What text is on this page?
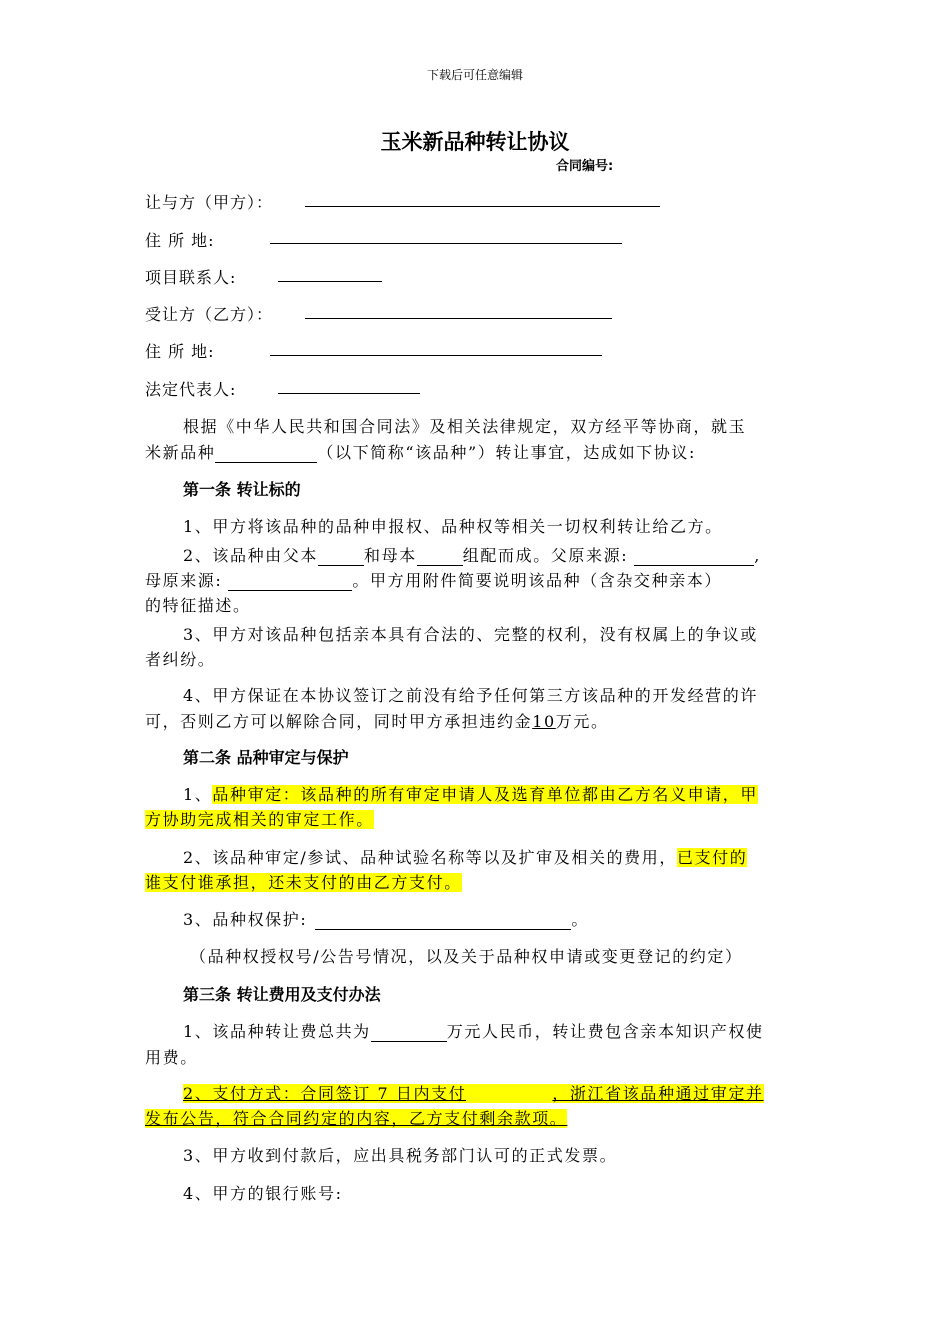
下载后可任意编辑
玉米新品种转让协议
合同编号:
让与方（甲方）：
住 所 地:
项目联系人:
受让方（乙方）：
住 所 地:
法定代表人:
根据《中华人民共和国合同法》及相关法律规定，双方经平等协商，就玉
米新品种	（以下简称“该品种”）转让事宜，达成如下协议:
第一条 转让标的
1、甲方将该品种的品种申报权、品种权等相关一切权利转让给乙方。
2、该品种由父本	和母本	组配而成。父原来源:	,
母原来源:	。甲方用附件简要说明该品种（含杂交种亲本）
的特征描述。
3、甲方对该品种包括亲本具有合法的、完整的权利，没有权属上的争议或
者纠纷。
4、甲方保证在本协议签订之前没有给予任何第三方该品种的开发经营的许
可，否则乙方可以解除合同，同时甲方承担违约金10万元。
第二条 品种审定与保护
1、品种审定：该品种的所有审定申请人及选育单位都由乙方名义申请，甲
方协助完成相关的审定工作。
2、该品种审定/参试、品种试验名称等以及扩审及相关的费用，已支付的
谁支付谁承担，还未支付的由乙方支付。
3、品种权保护:	。
（品种权授权号/公告号情况，以及关于品种权申请或变更登记的约定）
第三条 转让费用及支付办法
1、该品种转让费总共为	万元人民币，转让费包含亲本知识产权使
用费。
2、支付方式：合同签订 7 日内支付	，浙江省该品种通过审定并
发布公告，符合合同约定的内容，乙方支付剩余款项。
3、甲方收到付款后，应出具税务部门认可的正式发票。
4、甲方的银行账号:
